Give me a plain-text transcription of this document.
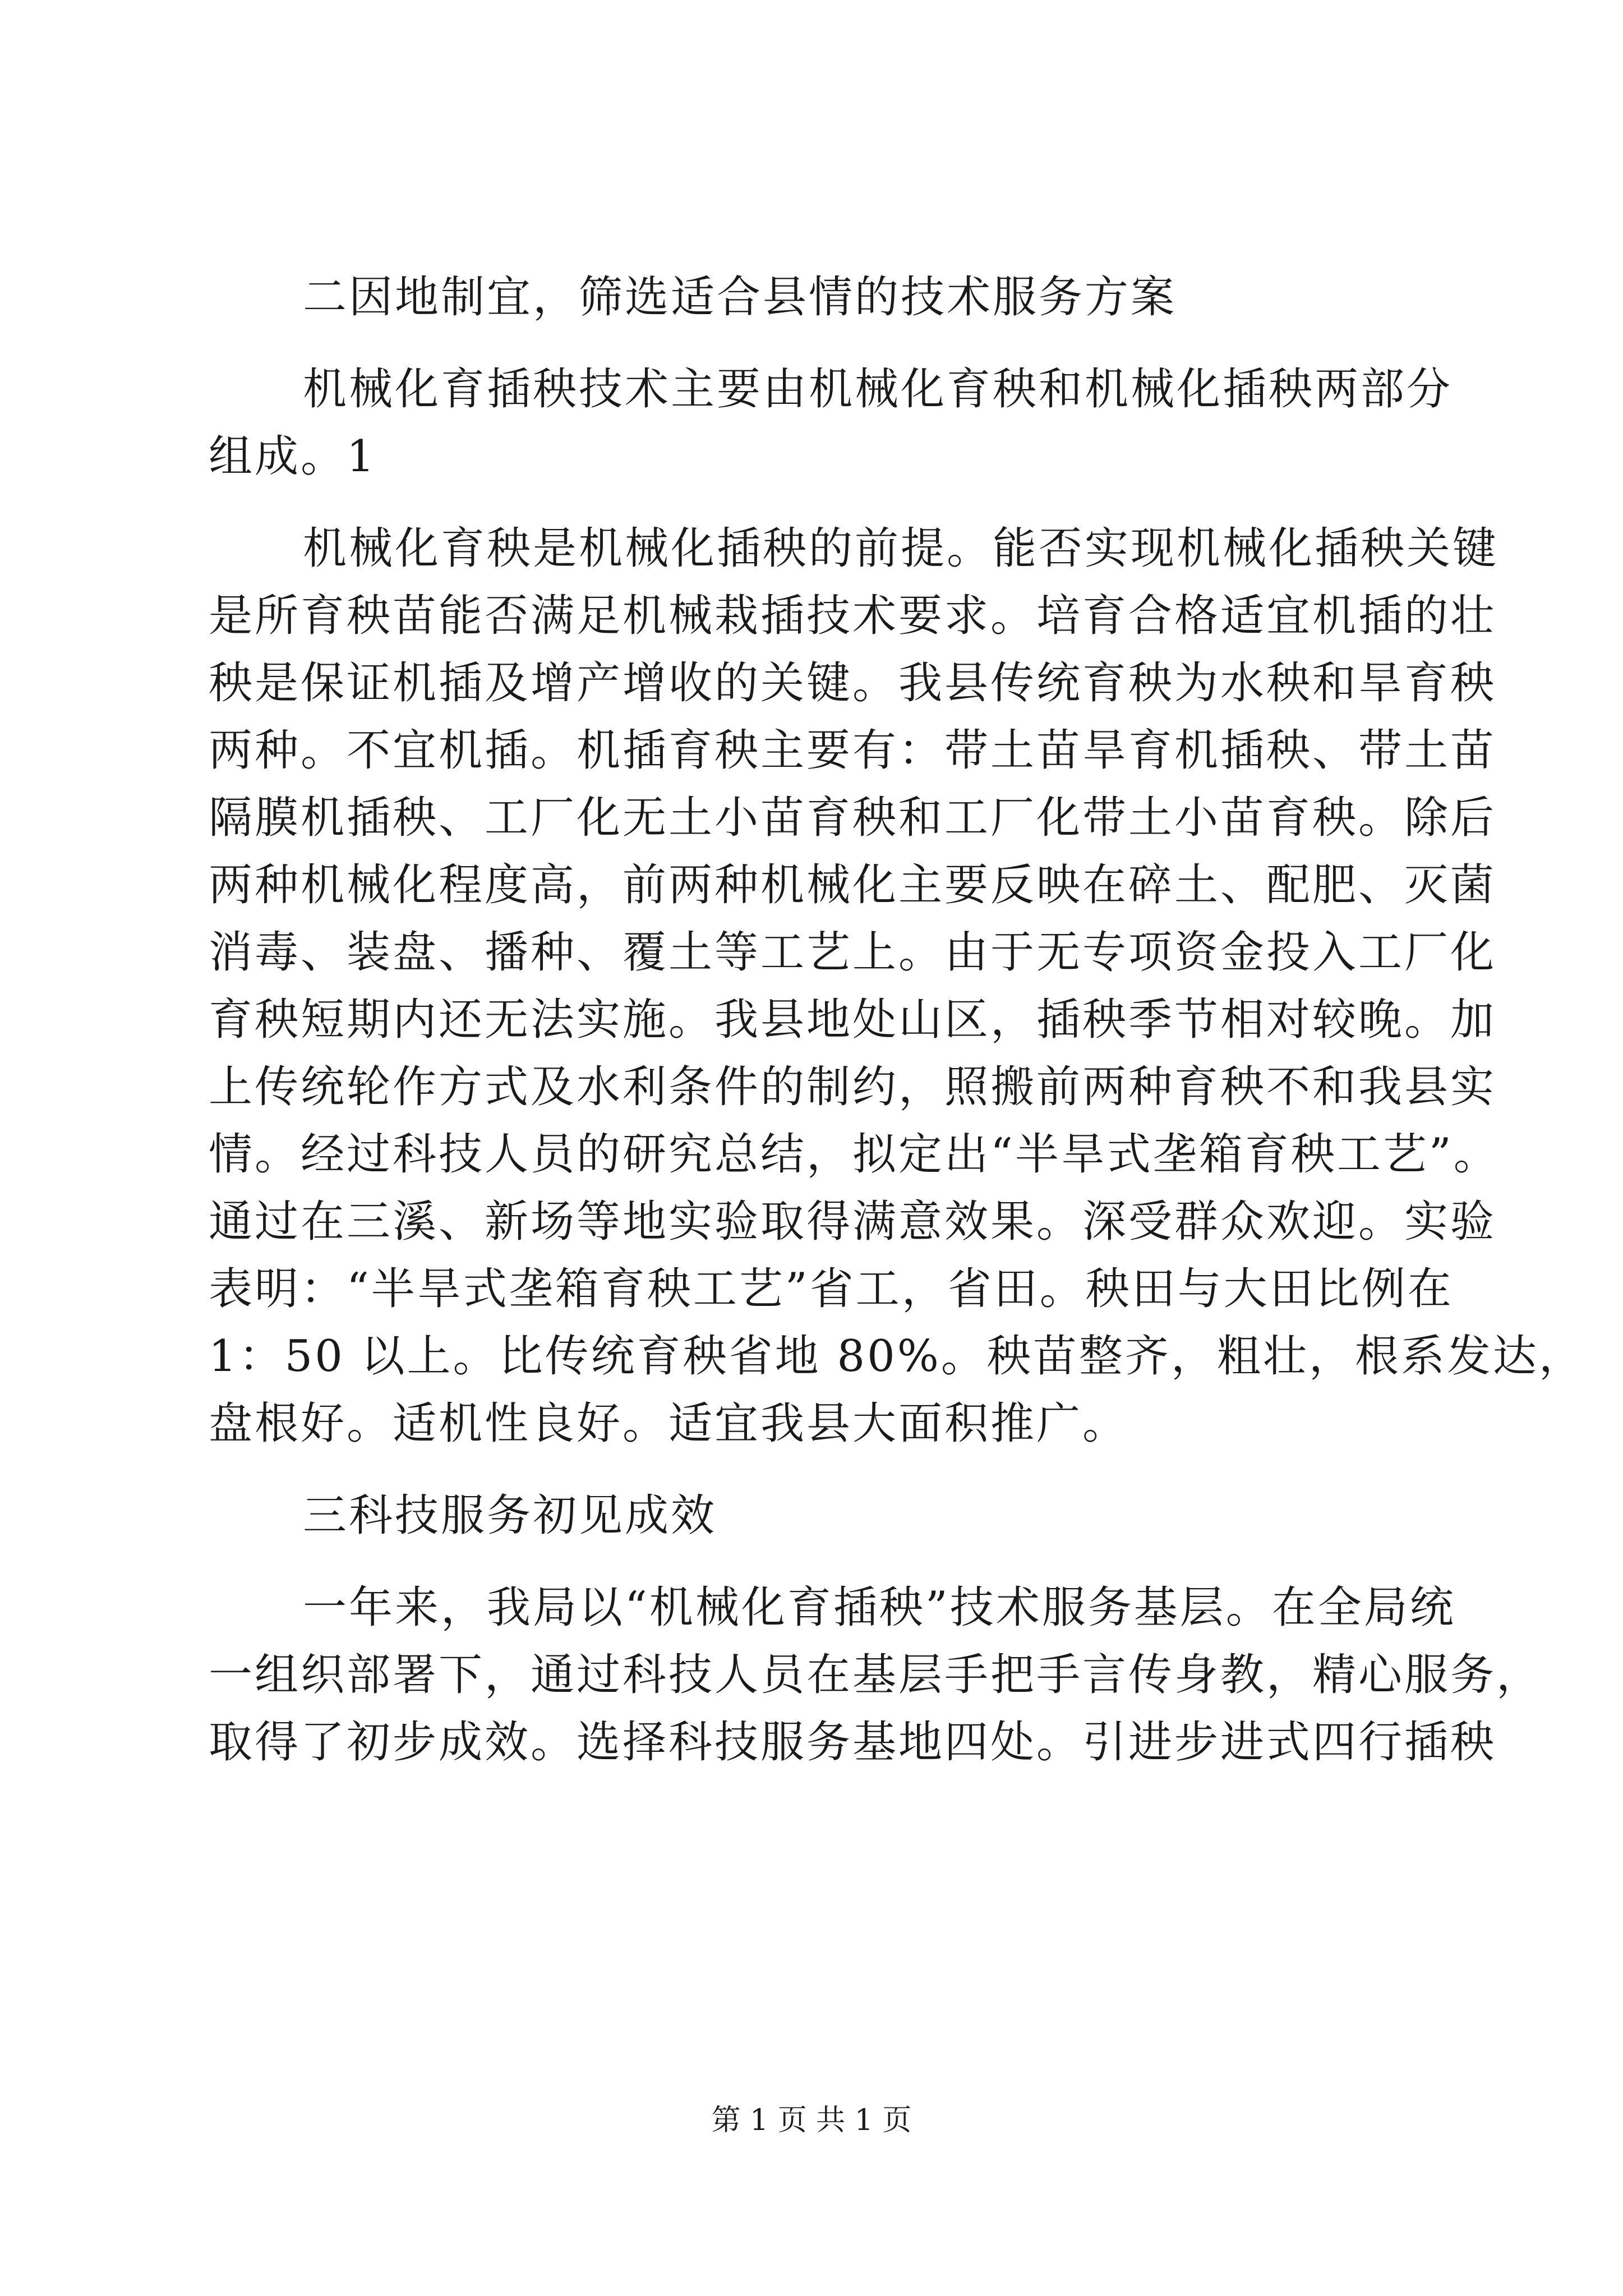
二因地制宜，筛选适合县情的技术服务方案
机械化育插秧技术主要由机械化育秧和机械化插秧两部分
组成。1
机械化育秧是机械化插秧的前提。能否实现机械化插秧关键
是所育秧苗能否满足机械栽插技术要求。培育合格适宜机插的壮
秧是保证机插及增产增收的关键。我县传统育秧为水秧和旱育秧
两种。不宜机插。机插育秧主要有：带土苗旱育机插秧、带土苗
隔膜机插秧、工厂化无土小苗育秧和工厂化带土小苗育秧。除后
两种机械化程度高，前两种机械化主要反映在碎土、配肥、灭菌
消毒、装盘、播种、覆土等工艺上。由于无专项资金投入工厂化
育秧短期内还无法实施。我县地处山区，插秧季节相对较晚。加
上传统轮作方式及水利条件的制约，照搬前两种育秧不和我县实
情。经过科技人员的研究总结，拟定出“半旱式垄箱育秧工艺”。
通过在三溪、新场等地实验取得满意效果。深受群众欢迎。实验
表明：“半旱式垄箱育秧工艺”省工，省田。秧田与大田比例在
1：50 以上。比传统育秧省地 80%。秧苗整齐，粗壮，根系发达，
盘根好。适机性良好。适宜我县大面积推广。
三科技服务初见成效
一年来，我局以“机械化育插秧”技术服务基层。在全局统
一组织部署下，通过科技人员在基层手把手言传身教，精心服务，
取得了初步成效。选择科技服务基地四处。引进步进式四行插秧
第 1 页 共 1 页
